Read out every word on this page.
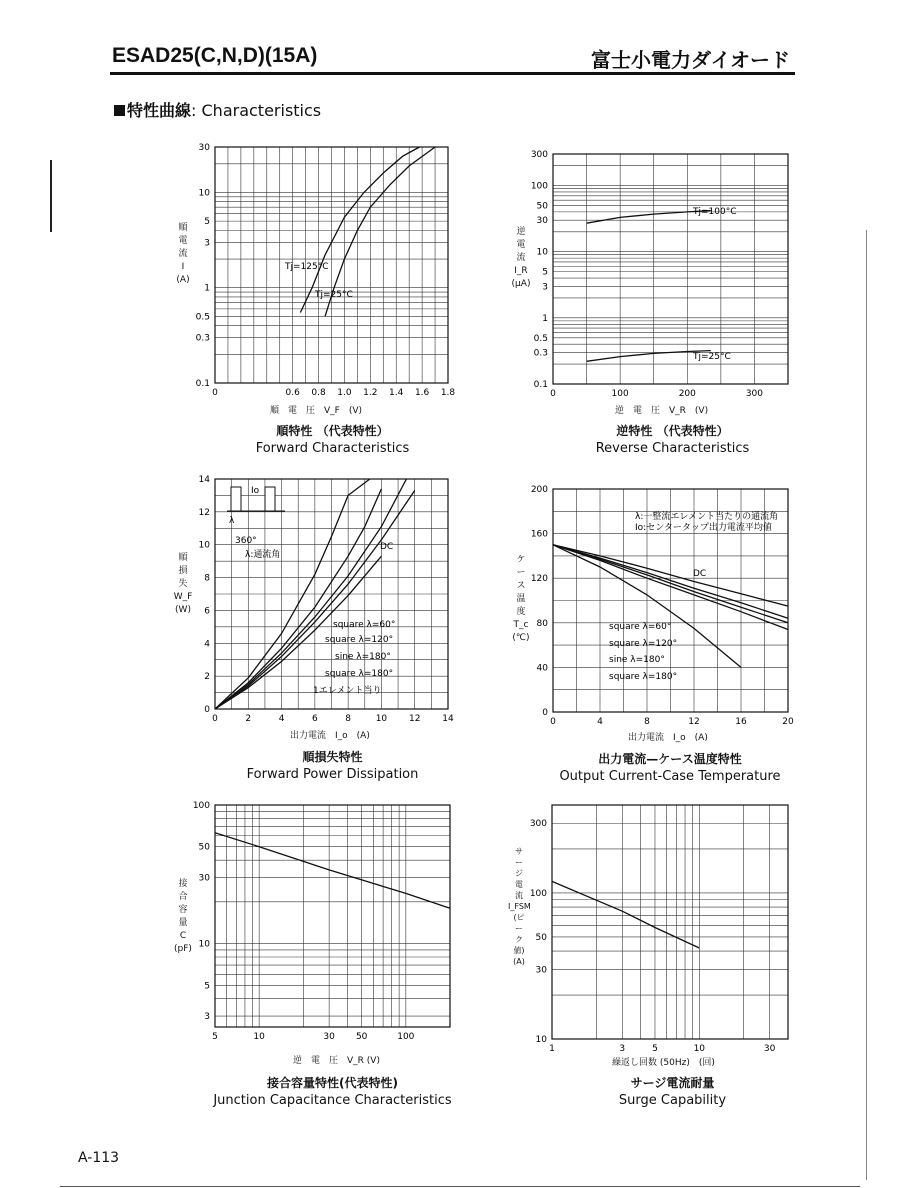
ESAD25(C,N,D)(15A)	富士小電力ダイオード
特性曲線: Characteristics
0.1
0.3
0.5
1
3
5
10
30
0	0.6 0.8 1.0 1.2 1.4 1.6 1.8
Tj=125°C
Tj=25°C
0.1
0.3
0.5
1
3
5
10
30
50
100
300
0	100	200	300
Tj=100°C
Tj=25°C
0
2
4
6
8
10
12
14
0	2	4	6	8	10 12 14
square λ=60°
square λ=120°
sine λ=180°
square λ=180°
DC
1エレメント当り
Io
λ
360°
λ:通流角
0
40
80
120
160
200
0	4	8	12	16	20
DC
square λ=180°
sine λ=180°
square λ=120°
square λ=60°
λ:一整流エレメント当たりの通流角
Io:センタータップ出力電流平均値
3
5
10
30
50
100
5	10	30 50	100	10
30
50
100
300
1	3	5	10	30
順特性 （代表特性）
Forward Characteristics
逆特性 （代表特性）
Reverse Characteristics
順損失特性
Forward Power Dissipation
出力電流—ケース温度特性
Output Current-Case Temperature
接合容量特性(代表特性)
Junction Capacitance Characteristics
サージ電流耐量
Surge Capability
順
電
流
I
(A)
逆
電
流
I_R
(μA)
順
損
失
W_F
(W)
ケ
ー
ス
温
度
T_c
(℃)
接
合
容
量
C
(pF)
サ
ー
ジ
電
流
I_FSM
(ピ
ー
ク
値)
(A)
順　電　圧　V_F　(V)	逆　電　圧　V_R　(V)
出力電流　I_o　(A)	出力電流　I_o　(A)
逆　電　圧　V_R (V)	繰返し回数 (50Hz)　(回)
A-113
